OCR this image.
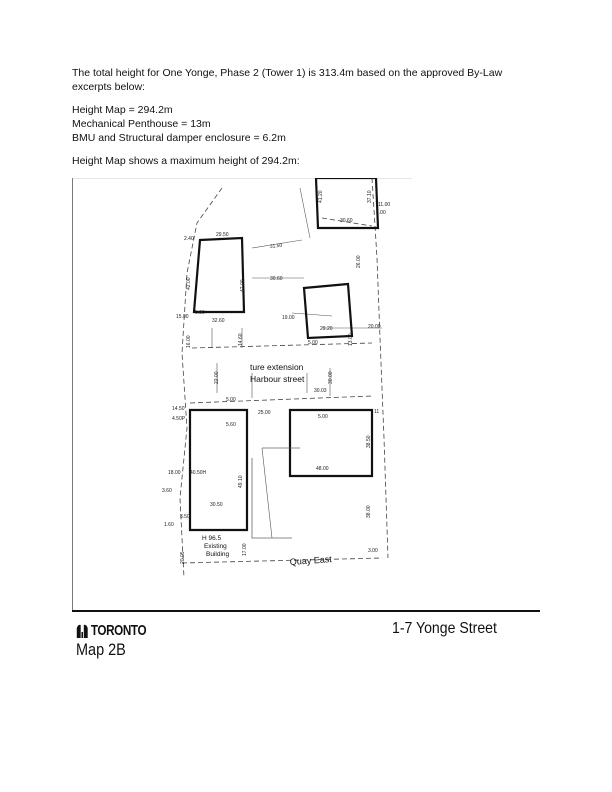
The total height for One Yonge, Phase 2 (Tower 1) is 313.4m based on the approved By-Law excerpts below:

Height Map = 294.2m

Mechanical Penthouse = 13m

BMU and Structural damper enclosure = 6.2m

Height Map shows a maximum height of 294.2m:

ture extension
Harbour street
Quay East
H 96.5
Existing
Building
2.40
29.50
31.50
41.20	37.10
11.00
8.00
30.60
42.00	47.00
26.00
30.60
15.00
5.00
32.60	19.00
29.20	20.00
16.00	14.60	5.00	13.00
22.00	30.00
30.03
14.50
4.50P
5.00
25.00
5.00
11
5.60
38.50
18.00
48.00
40.50H
49.10
3.60
30.50
38.00
3.50
1.60
17.00	3.00
20.05
TORONTO
Map 2B
1-7 Yonge Street
